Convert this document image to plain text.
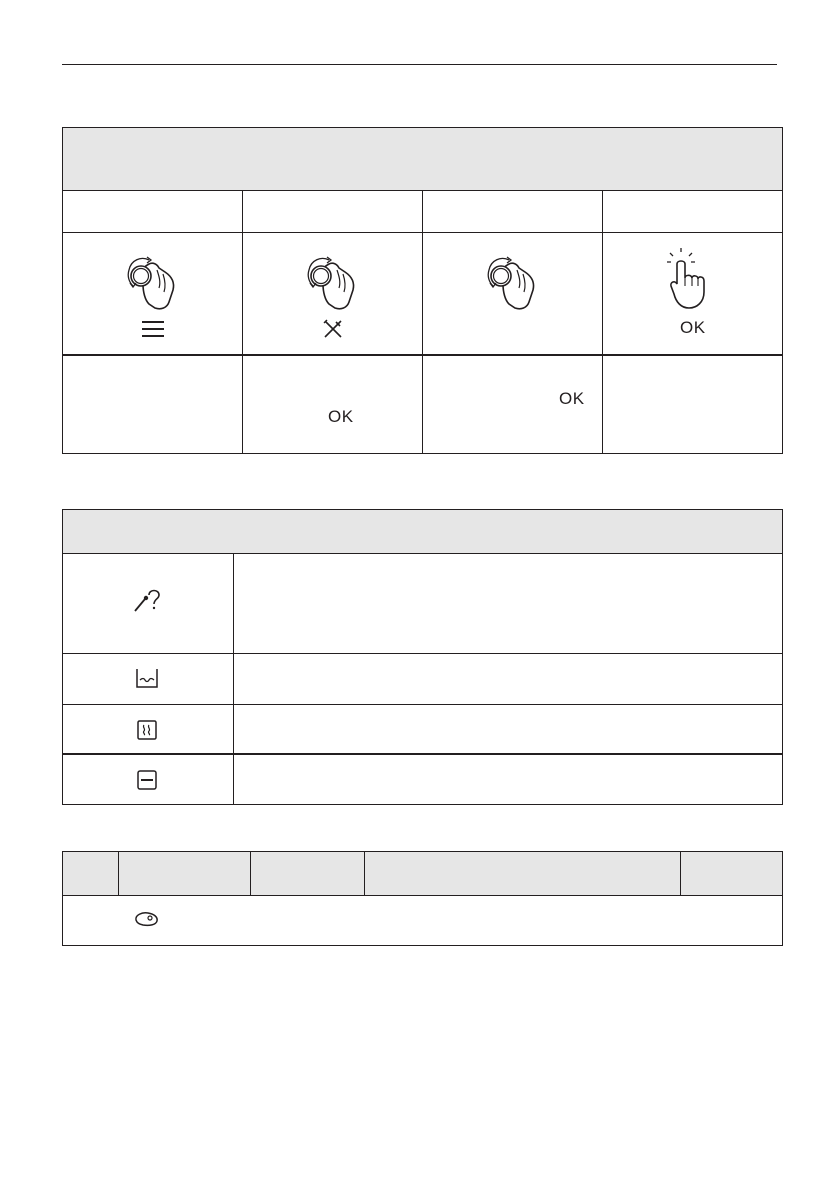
OK
OK
OK
